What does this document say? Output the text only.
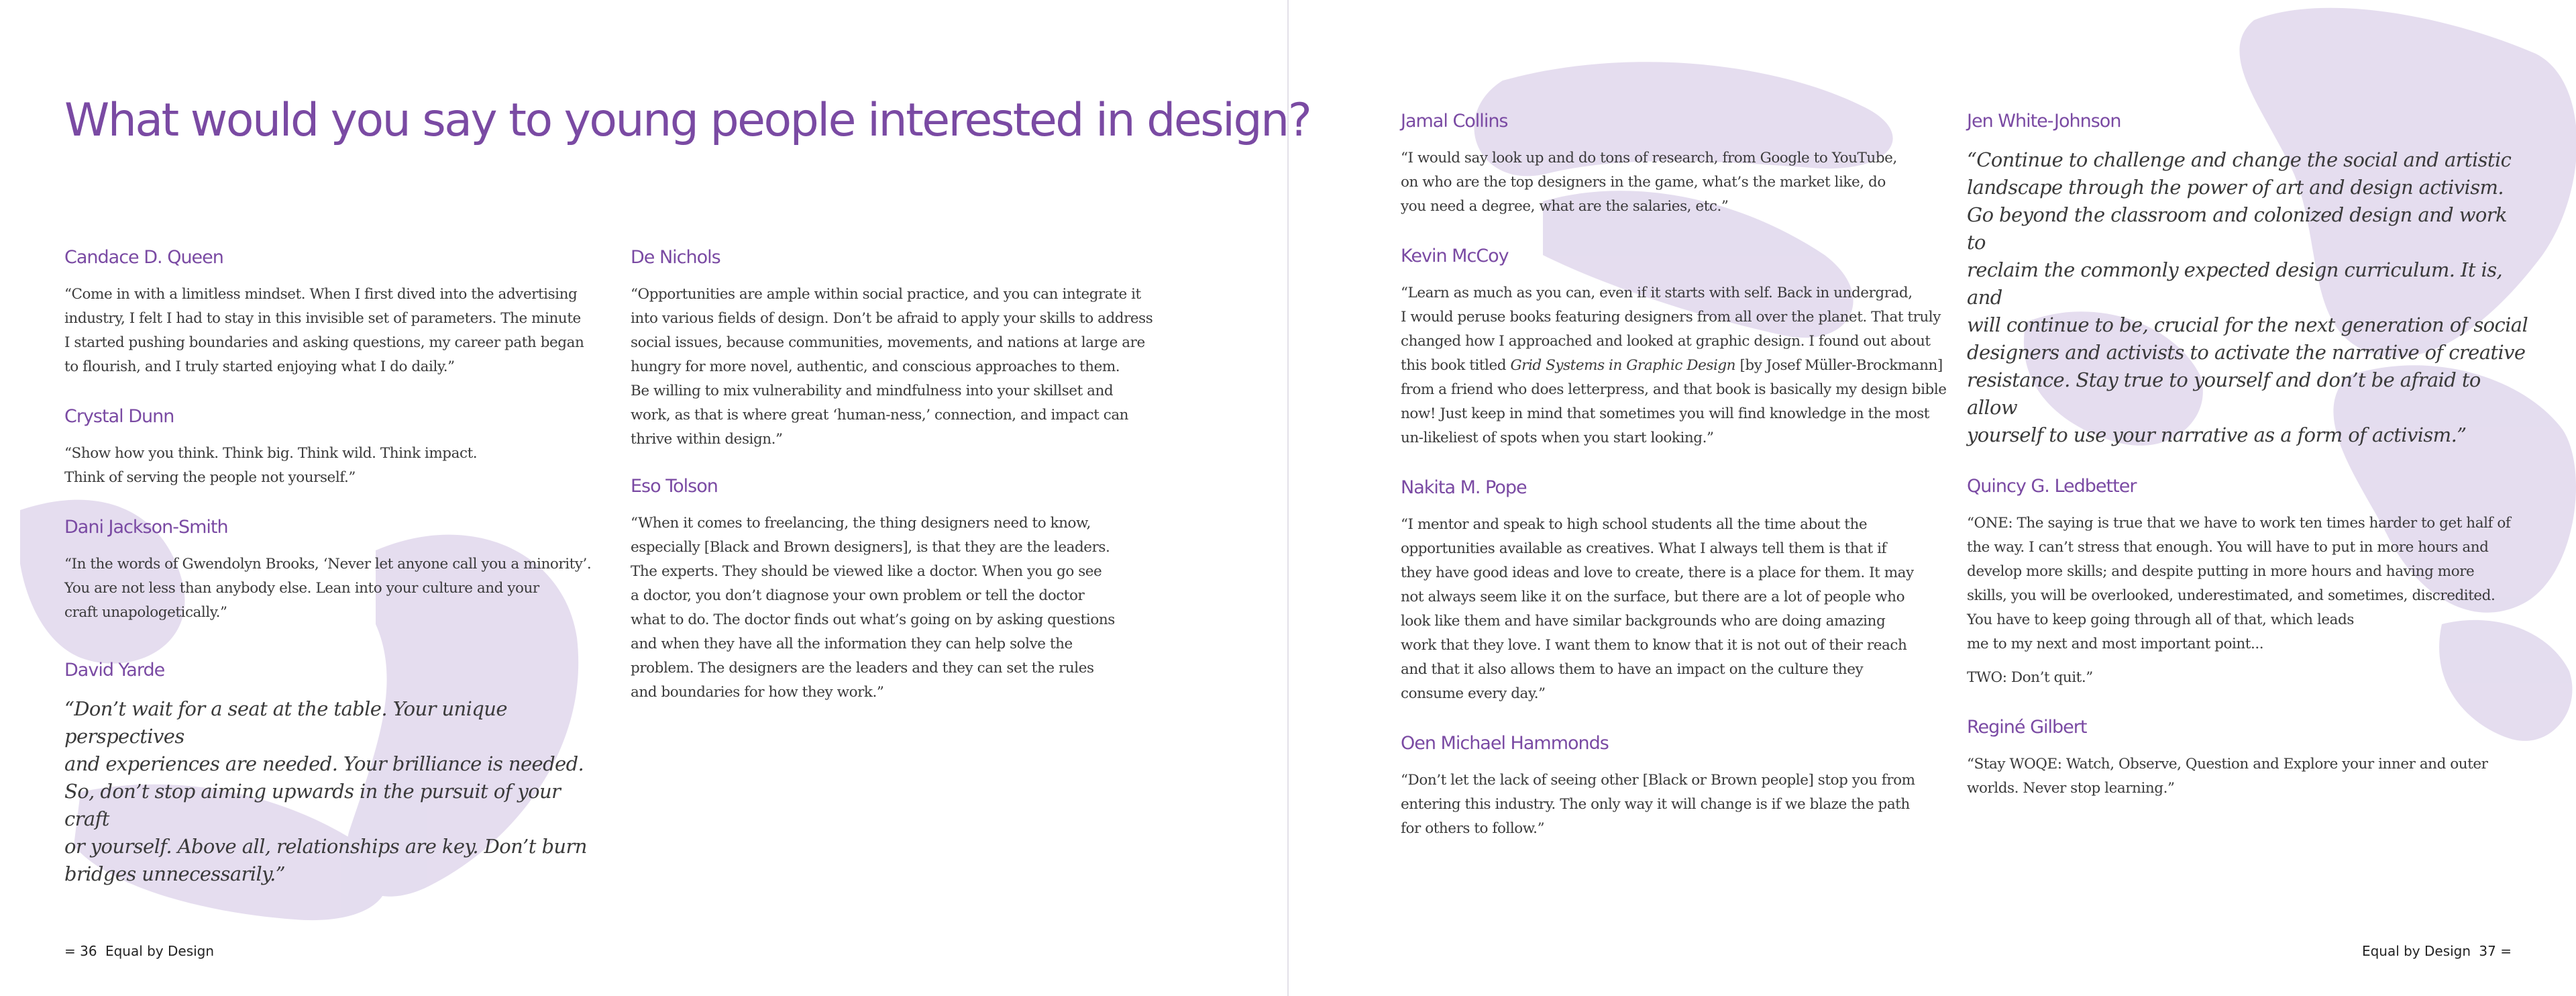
What would you say to young people interested in design?
Candace D. Queen

“Come in with a limitless mindset. When I first dived into the advertising
industry, I felt I had to stay in this invisible set of parameters. The minute
I started pushing boundaries and asking questions, my career path began
to flourish, and I truly started enjoying what I do daily.”

Crystal Dunn

“Show how you think. Think big. Think wild. Think impact.
Think of serving the people not yourself.”

Dani Jackson-Smith

“In the words of Gwendolyn Brooks, ‘Never let anyone call you a minority’.
You are not less than anybody else. Lean into your culture and your
craft unapologetically.”

David Yarde

“Don’t wait for a seat at the table. Your unique perspectives
and experiences are needed. Your brilliance is needed.
So, don’t stop aiming upwards in the pursuit of your craft
or yourself. Above all, relationships are key. Don’t burn
bridges unnecessarily.”

De Nichols

“Opportunities are ample within social practice, and you can integrate it
into various fields of design. Don’t be afraid to apply your skills to address
social issues, because communities, movements, and nations at large are
hungry for more novel, authentic, and conscious approaches to them.
Be willing to mix vulnerability and mindfulness into your skillset and
work, as that is where great ‘human-ness,’ connection, and impact can
thrive within design.”

Eso Tolson

“When it comes to freelancing, the thing designers need to know,
especially [Black and Brown designers], is that they are the leaders.
The experts. They should be viewed like a doctor. When you go see
a doctor, you don’t diagnose your own problem or tell the doctor
what to do. The doctor finds out what’s going on by asking questions
and when they have all the information they can help solve the
problem. The designers are the leaders and they can set the rules
and boundaries for how they work.”

Jamal Collins

“I would say look up and do tons of research, from Google to YouTube,
on who are the top designers in the game, what’s the market like, do
you need a degree, what are the salaries, etc.”

Kevin McCoy

“Learn as much as you can, even if it starts with self. Back in undergrad,
I would peruse books featuring designers from all over the planet. That truly
changed how I approached and looked at graphic design. I found out about
this book titled Grid Systems in Graphic Design [by Josef Müller-Brockmann]
from a friend who does letterpress, and that book is basically my design bible
now! Just keep in mind that sometimes you will find knowledge in the most
un-likeliest of spots when you start looking.”

Nakita M. Pope

“I mentor and speak to high school students all the time about the
opportunities available as creatives. What I always tell them is that if
they have good ideas and love to create, there is a place for them. It may
not always seem like it on the surface, but there are a lot of people who
look like them and have similar backgrounds who are doing amazing
work that they love. I want them to know that it is not out of their reach
and that it also allows them to have an impact on the culture they
consume every day.”

Oen Michael Hammonds

“Don’t let the lack of seeing other [Black or Brown people] stop you from
entering this industry. The only way it will change is if we blaze the path
for others to follow.”

Jen White-Johnson

“Continue to challenge and change the social and artistic
landscape through the power of art and design activism.
Go beyond the classroom and colonized design and work to
reclaim the commonly expected design curriculum. It is, and
will continue to be, crucial for the next generation of social
designers and activists to activate the narrative of creative
resistance. Stay true to yourself and don’t be afraid to allow
yourself to use your narrative as a form of activism.”

Quincy G. Ledbetter

“ONE: The saying is true that we have to work ten times harder to get half of
the way. I can’t stress that enough. You will have to put in more hours and
develop more skills; and despite putting in more hours and having more
skills, you will be overlooked, underestimated, and sometimes, discredited.
You have to keep going through all of that, which leads
me to my next and most important point...

TWO: Don’t quit.”

Reginé Gilbert

“Stay WOQE: Watch, Observe, Question and Explore your inner and outer
worlds. Never stop learning.”

= 36 Equal by Design	Equal by Design 37 =
